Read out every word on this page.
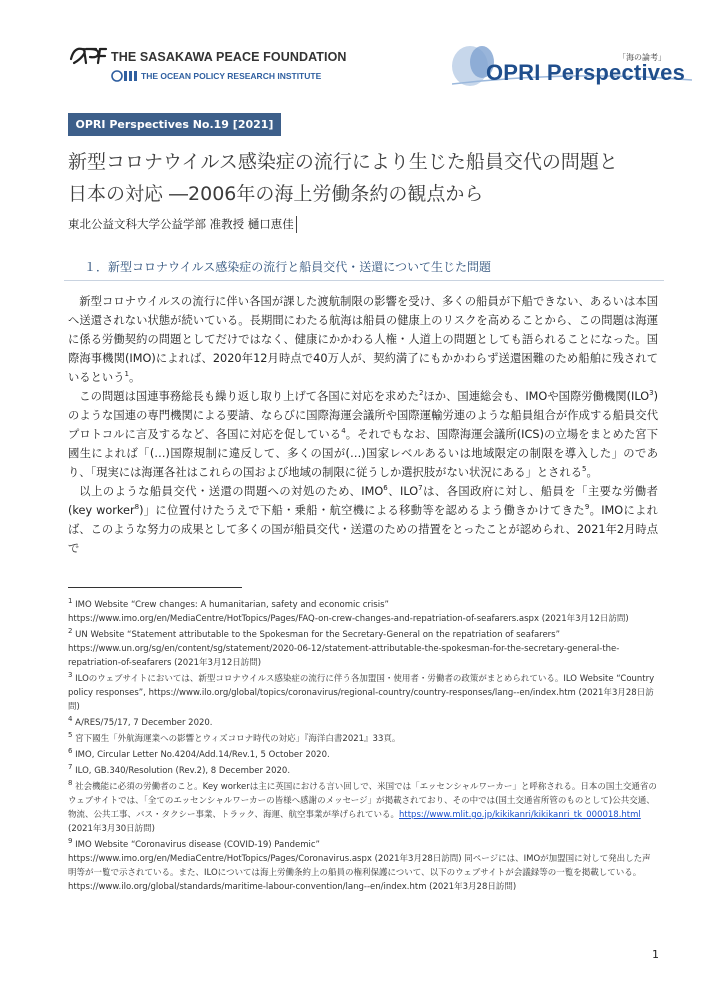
THE SASAKAWA PEACE FOUNDATION
THE OCEAN POLICY RESEARCH INSTITUTE
「海の論考」
OPRI Perspectives
OPRI Perspectives No.19 [2021]
新型コロナウイルス感染症の流行により生じた船員交代の問題と
日本の対応 ―2006年の海上労働条約の観点から
東北公益文科大学公益学部 准教授 樋口恵佳
１．新型コロナウイルス感染症の流行と船員交代・送還について生じた問題

新型コロナウイルスの流行に伴い各国が課した渡航制限の影響を受け、多くの船員が下船できない、あるいは本国へ送還されない状態が続いている。長期間にわたる航海は船員の健康上のリスクを高めることから、この問題は海運に係る労働契約の問題としてだけではなく、健康にかかわる人権・人道上の問題としても語られることになった。国際海事機関(IMO)によれば、2020年12月時点で40万人が、契約満了にもかかわらず送還困難のため船舶に残されているという$^1$。

この問題は国連事務総長も繰り返し取り上げて各国に対応を求めた$^2$ほか、国連総会も、IMOや国際労働機関(ILO$^3$)のような国連の専門機関による要請、ならびに国際海運会議所や国際運輸労連のような船員組合が作成する船員交代プロトコルに言及するなど、各国に対応を促している$^4$。それでもなお、国際海運会議所(ICS)の立場をまとめた宮下國生によれば「(…)国際規制に違反して、多くの国が(…)国家レベルあるいは地域限定の制限を導入した」のであり、「現実には海運各社はこれらの国および地域の制限に従うしか選択肢がない状況にある」とされる$^5$。

以上のような船員交代・送還の問題への対処のため、IMO$^6$、ILO$^7$は、各国政府に対し、船員を「主要な労働者(key worker$^8$)」に位置付けたうえで下船・乗船・航空機による移動等を認めるよう働きかけてきた$^9$。IMOによれば、このような努力の成果として多くの国が船員交代・送還のための措置をとったことが認められ、2021年2月時点で

$^1$ IMO Website “Crew changes: A humanitarian, safety and economic crisis”
https://www.imo.org/en/MediaCentre/HotTopics/Pages/FAQ-on-crew-changes-and-repatriation-of-seafarers.aspx (2021年3月12日訪問)
$^2$ UN Website “Statement attributable to the Spokesman for the Secretary-General on the repatriation of seafarers”
https://www.un.org/sg/en/content/sg/statement/2020-06-12/statement-attributable-the-spokesman-for-the-secretary-general-the-repatriation-of-seafarers (2021年3月12日訪問)
$^3$ ILOのウェブサイトにおいては、新型コロナウイルス感染症の流行に伴う各加盟国・使用者・労働者の政策がまとめられている。ILO Website “Country policy responses”, https://www.ilo.org/global/topics/coronavirus/regional-country/country-responses/lang--en/index.htm (2021年3月28日訪問)
$^4$ A/RES/75/17, 7 December 2020.
$^5$ 宮下國生「外航海運業への影響とウィズコロナ時代の対応」『海洋白書2021』33頁。
$^6$ IMO, Circular Letter No.4204/Add.14/Rev.1, 5 October 2020.
$^7$ ILO, GB.340/Resolution (Rev.2), 8 December 2020.
$^8$ 社会機能に必須の労働者のこと。Key workerは主に英国における言い回しで、米国では「エッセンシャルワーカー」と呼称される。日本の国土交通省のウェブサイトでは、「全てのエッセンシャルワーカーの皆様へ感謝のメッセージ」が掲載されており、その中では(国土交通省所管のものとして)公共交通、物流、公共工事、バス・タクシー事業、トラック、海運、航空事業が挙げられている。https://www.mlit.go.jp/kikikanri/kikikanri_tk_000018.html (2021年3月30日訪問)
$^9$ IMO Website “Coronavirus disease (COVID-19) Pandemic”
https://www.imo.org/en/MediaCentre/HotTopics/Pages/Coronavirus.aspx (2021年3月28日訪問) 同ページには、IMOが加盟国に対して発出した声明等が一覧で示されている。また、ILOについては海上労働条約上の船員の権利保護について、以下のウェブサイトが会議録等の一覧を掲載している。https://www.ilo.org/global/standards/maritime-labour-convention/lang--en/index.htm (2021年3月28日訪問)
1
